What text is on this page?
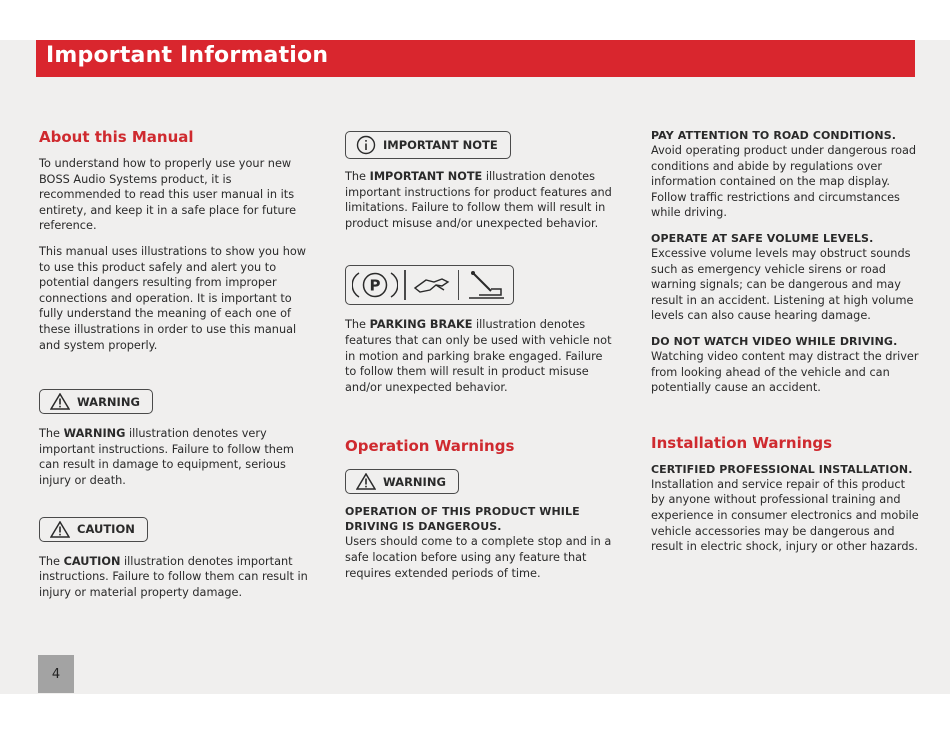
Important Information
About this Manual

To understand how to properly use your new BOSS Audio Systems product, it is recommended to read this user manual in its entirety, and keep it in a safe place for future reference.

This manual uses illustrations to show you how to use this product safely and alert you to potential dangers resulting from improper connections and operation. It is important to fully understand the meaning of each one of these illustrations in order to use this manual and system properly.

WARNING

The WARNING illustration denotes very important instructions. Failure to follow them can result in damage to equipment, serious injury or death.

CAUTION

The CAUTION illustration denotes important instructions. Failure to follow them can result in injury or material property damage.

IMPORTANT NOTE

The IMPORTANT NOTE illustration denotes important instructions for product features and limitations. Failure to follow them will result in product misuse and/or unexpected behavior.

P

The PARKING BRAKE illustration denotes features that can only be used with vehicle not in motion and parking brake engaged. Failure to follow them will result in product misuse and/or unexpected behavior.

Operation Warnings
WARNING
OPERATION OF THIS PRODUCT WHILE DRIVING IS DANGEROUS.

Users should come to a complete stop and in a safe location before using any feature that requires extended periods of time.

PAY ATTENTION TO ROAD CONDITIONS.

Avoid operating product under dangerous road conditions and abide by regulations over information contained on the map display. Follow traffic restrictions and circumstances while driving.

OPERATE AT SAFE VOLUME LEVELS.

Excessive volume levels may obstruct sounds such as emergency vehicle sirens or road warning signals; can be dangerous and may result in an accident. Listening at high volume levels can also cause hearing damage.

DO NOT WATCH VIDEO WHILE DRIVING.

Watching video content may distract the driver from looking ahead of the vehicle and can potentially cause an accident.

Installation Warnings
CERTIFIED PROFESSIONAL INSTALLATION.

Installation and service repair of this product by anyone without professional training and experience in consumer electronics and mobile vehicle accessories may be dangerous and result in electric shock, injury or other hazards.

4
